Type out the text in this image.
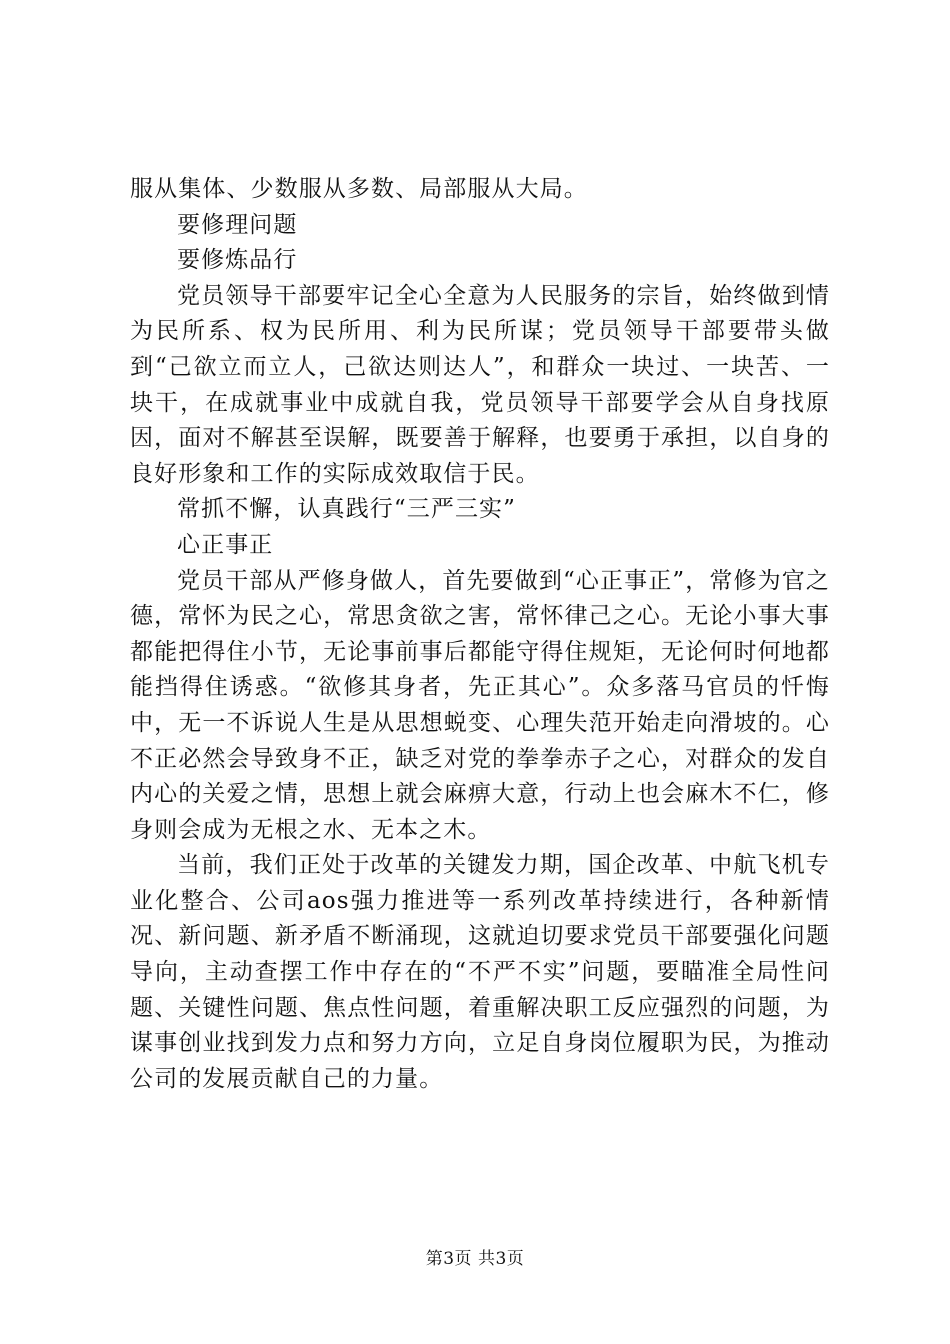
服从集体、少数服从多数、局部服从大局。

要修理问题

要修炼品行

党员领导干部要牢记全心全意为人民服务的宗旨，始终做到情为民所系、权为民所用、利为民所谋；党员领导干部要带头做到“己欲立而立人，己欲达则达人”，和群众一块过、一块苦、一块干，在成就事业中成就自我，党员领导干部要学会从自身找原因，面对不解甚至误解，既要善于解释，也要勇于承担，以自身的良好形象和工作的实际成效取信于民。

常抓不懈，认真践行“三严三实”

心正事正

党员干部从严修身做人，首先要做到“心正事正”，常修为官之德，常怀为民之心，常思贪欲之害，常怀律己之心。无论小事大事都能把得住小节，无论事前事后都能守得住规矩，无论何时何地都能挡得住诱惑。“欲修其身者，先正其心”。众多落马官员的忏悔中，无一不诉说人生是从思想蜕变、心理失范开始走向滑坡的。心不正必然会导致身不正，缺乏对党的拳拳赤子之心，对群众的发自内心的关爱之情，思想上就会麻痹大意，行动上也会麻木不仁，修身则会成为无根之水、无本之木。

当前，我们正处于改革的关键发力期，国企改革、中航飞机专业化整合、公司aos强力推进等一系列改革持续进行，各种新情况、新问题、新矛盾不断涌现，这就迫切要求党员干部要强化问题导向，主动查摆工作中存在的“不严不实”问题，要瞄准全局性问题、关键性问题、焦点性问题，着重解决职工反应强烈的问题，为谋事创业找到发力点和努力方向，立足自身岗位履职为民，为推动公司的发展贡献自己的力量。

第3页 共3页
